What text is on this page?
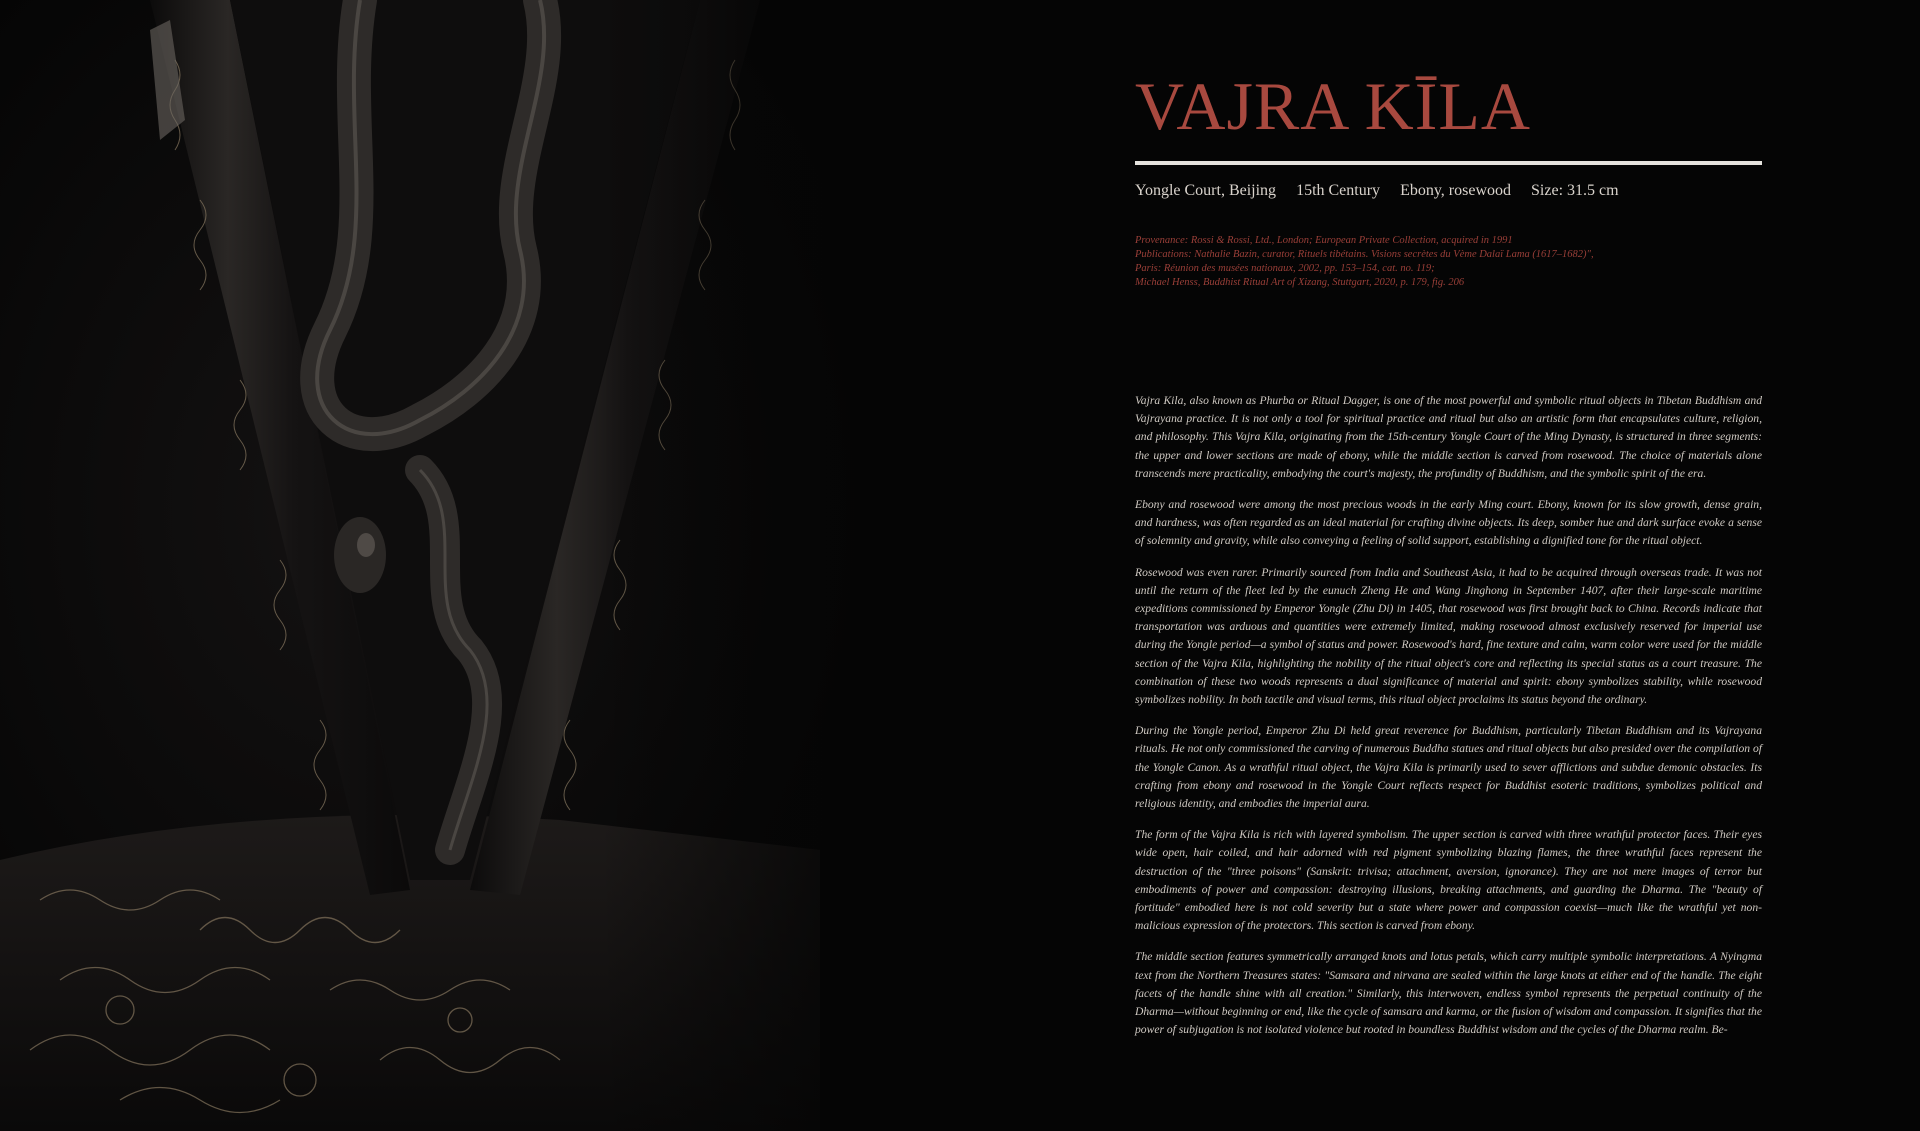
VAJRA KĪLA
Yongle Court, Beijing 15th Century Ebony, rosewood Size: 31.5 cm
Provenance: Rossi & Rossi, Ltd., London; European Private Collection, acquired in 1991
Publications: Nathalie Bazin, curator, Rituels tibétains. Visions secrètes du Vème Dalaï Lama (1617–1682)",
Paris: Réunion des musées nationaux, 2002, pp. 153–154, cat. no. 119;
Michael Henss, Buddhist Ritual Art of Xizang, Stuttgart, 2020, p. 179, fig. 206

Vajra Kila, also known as Phurba or Ritual Dagger, is one of the most powerful and symbolic ritual objects in Tibetan Buddhism and Vajrayana practice. It is not only a tool for spiritual practice and ritual but also an artistic form that encapsulates culture, religion, and philosophy. This Vajra Kila, originating from the 15th-century Yongle Court of the Ming Dynasty, is structured in three segments: the upper and lower sections are made of ebony, while the middle section is carved from rosewood. The choice of materials alone transcends mere practicality, embodying the court's majesty, the profundity of Buddhism, and the symbolic spirit of the era.

Ebony and rosewood were among the most precious woods in the early Ming court. Ebony, known for its slow growth, dense grain, and hardness, was often regarded as an ideal material for crafting divine objects. Its deep, somber hue and dark surface evoke a sense of solemnity and gravity, while also conveying a feeling of solid support, establishing a dignified tone for the ritual object.

Rosewood was even rarer. Primarily sourced from India and Southeast Asia, it had to be acquired through overseas trade. It was not until the return of the fleet led by the eunuch Zheng He and Wang Jinghong in September 1407, after their large-scale maritime expeditions commissioned by Emperor Yongle (Zhu Di) in 1405, that rosewood was first brought back to China. Records indicate that transportation was arduous and quantities were extremely limited, making rosewood almost exclusively reserved for imperial use during the Yongle period—a symbol of status and power. Rosewood's hard, fine texture and calm, warm color were used for the middle section of the Vajra Kila, highlighting the nobility of the ritual object's core and reflecting its special status as a court treasure. The combination of these two woods represents a dual significance of material and spirit: ebony symbolizes stability, while rosewood symbolizes nobility. In both tactile and visual terms, this ritual object proclaims its status beyond the ordinary.

During the Yongle period, Emperor Zhu Di held great reverence for Buddhism, particularly Tibetan Buddhism and its Vajrayana rituals. He not only commissioned the carving of numerous Buddha statues and ritual objects but also presided over the compilation of the Yongle Canon. As a wrathful ritual object, the Vajra Kila is primarily used to sever afflictions and subdue demonic obstacles. Its crafting from ebony and rosewood in the Yongle Court reflects respect for Buddhist esoteric traditions, symbolizes political and religious identity, and embodies the imperial aura.

The form of the Vajra Kila is rich with layered symbolism. The upper section is carved with three wrathful protector faces. Their eyes wide open, hair coiled, and hair adorned with red pigment symbolizing blazing flames, the three wrathful faces represent the destruction of the "three poisons" (Sanskrit: trivisa; attachment, aversion, ignorance). They are not mere images of terror but embodiments of power and compassion: destroying illusions, breaking attachments, and guarding the Dharma. The "beauty of fortitude" embodied here is not cold severity but a state where power and compassion coexist—much like the wrathful yet non-malicious expression of the protectors. This section is carved from ebony.

The middle section features symmetrically arranged knots and lotus petals, which carry multiple symbolic interpretations. A Nyingma text from the Northern Treasures states: "Samsara and nirvana are sealed within the large knots at either end of the handle. The eight facets of the handle shine with all creation." Similarly, this interwoven, endless symbol represents the perpetual continuity of the Dharma—without beginning or end, like the cycle of samsara and karma, or the fusion of wisdom and compassion. It signifies that the power of subjugation is not isolated violence but rooted in boundless Buddhist wisdom and the cycles of the Dharma realm. Be-
